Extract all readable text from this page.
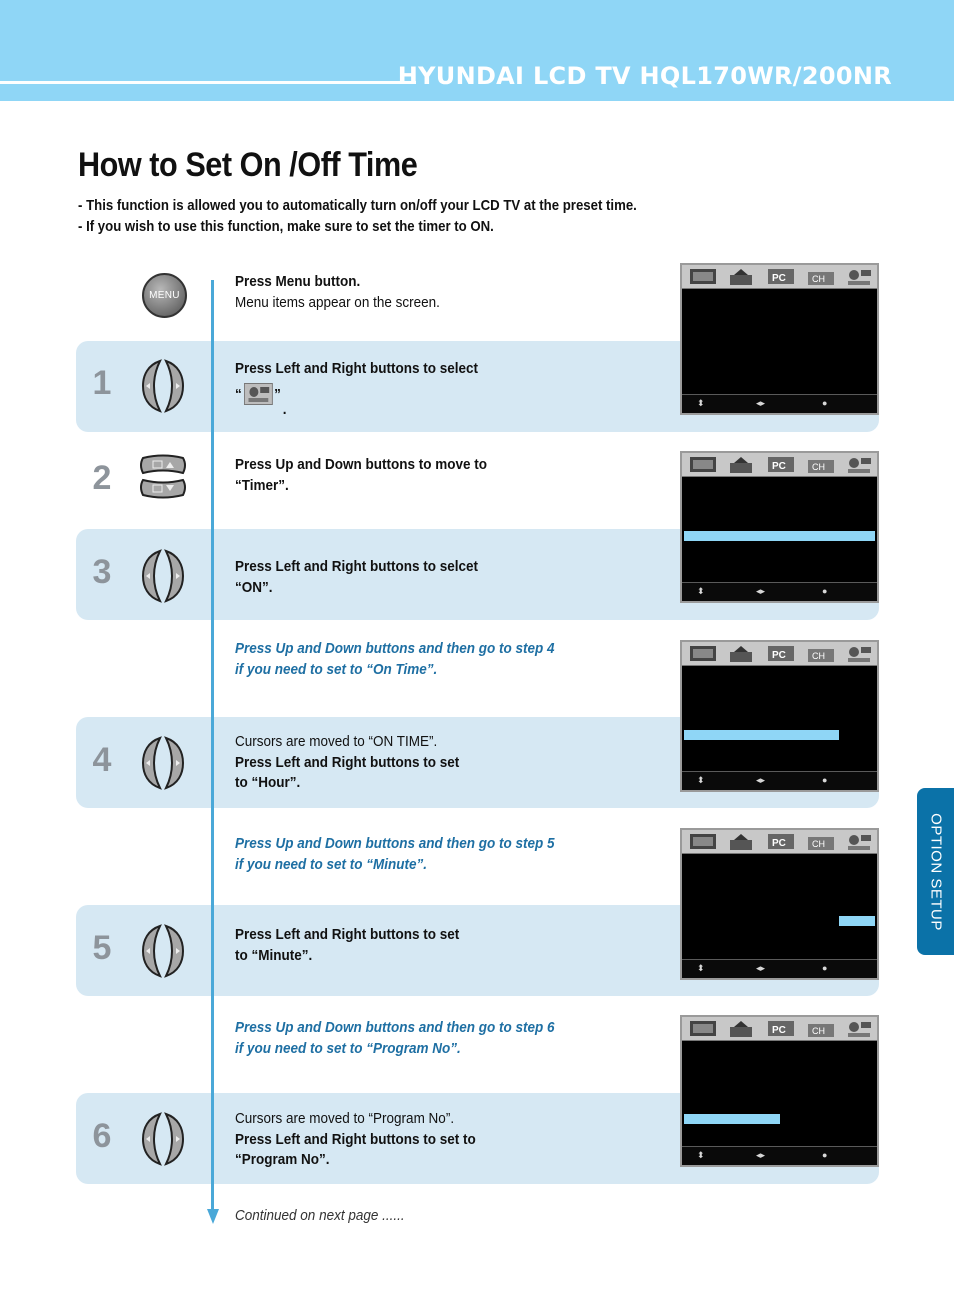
HYUNDAI LCD TV HQL170WR/200NR
How to Set On /Off Time
- This function is allowed you to automatically turn on/off your LCD TV at the preset time.
- If you wish to use this function, make sure to set the timer to ON.
1
2
3
4
5
6
MENU
Press Menu button.
Menu items appear on the screen.
Press Left and Right buttons to select
“ ”
.
Press Up and Down buttons to move to
“Timer”.
Press Left and Right buttons to selcet
“ON”.
Press Up and Down buttons and then go to step 4
if you need to set to “On Time”.
Cursors are moved to “ON TIME”.
Press Left and Right buttons to set
to “Hour”.
Press Up and Down buttons and then go to step 5
if you need to set to “Minute”.
Press Left and Right buttons to set
to “Minute”.
Press Up and Down buttons and then go to step 6
if you need to set to “Program No”.
Cursors are moved to “Program No”.
Press Left and Right buttons to set to
“Program No”.
Continued on next page ......
PC	CH
⬍	◂▸	●
PC	CH
⬍	◂▸	●
PC	CH
⬍	◂▸	●
PC	CH
⬍	◂▸	●
PC	CH
⬍	◂▸	●
OPTION SETUP
